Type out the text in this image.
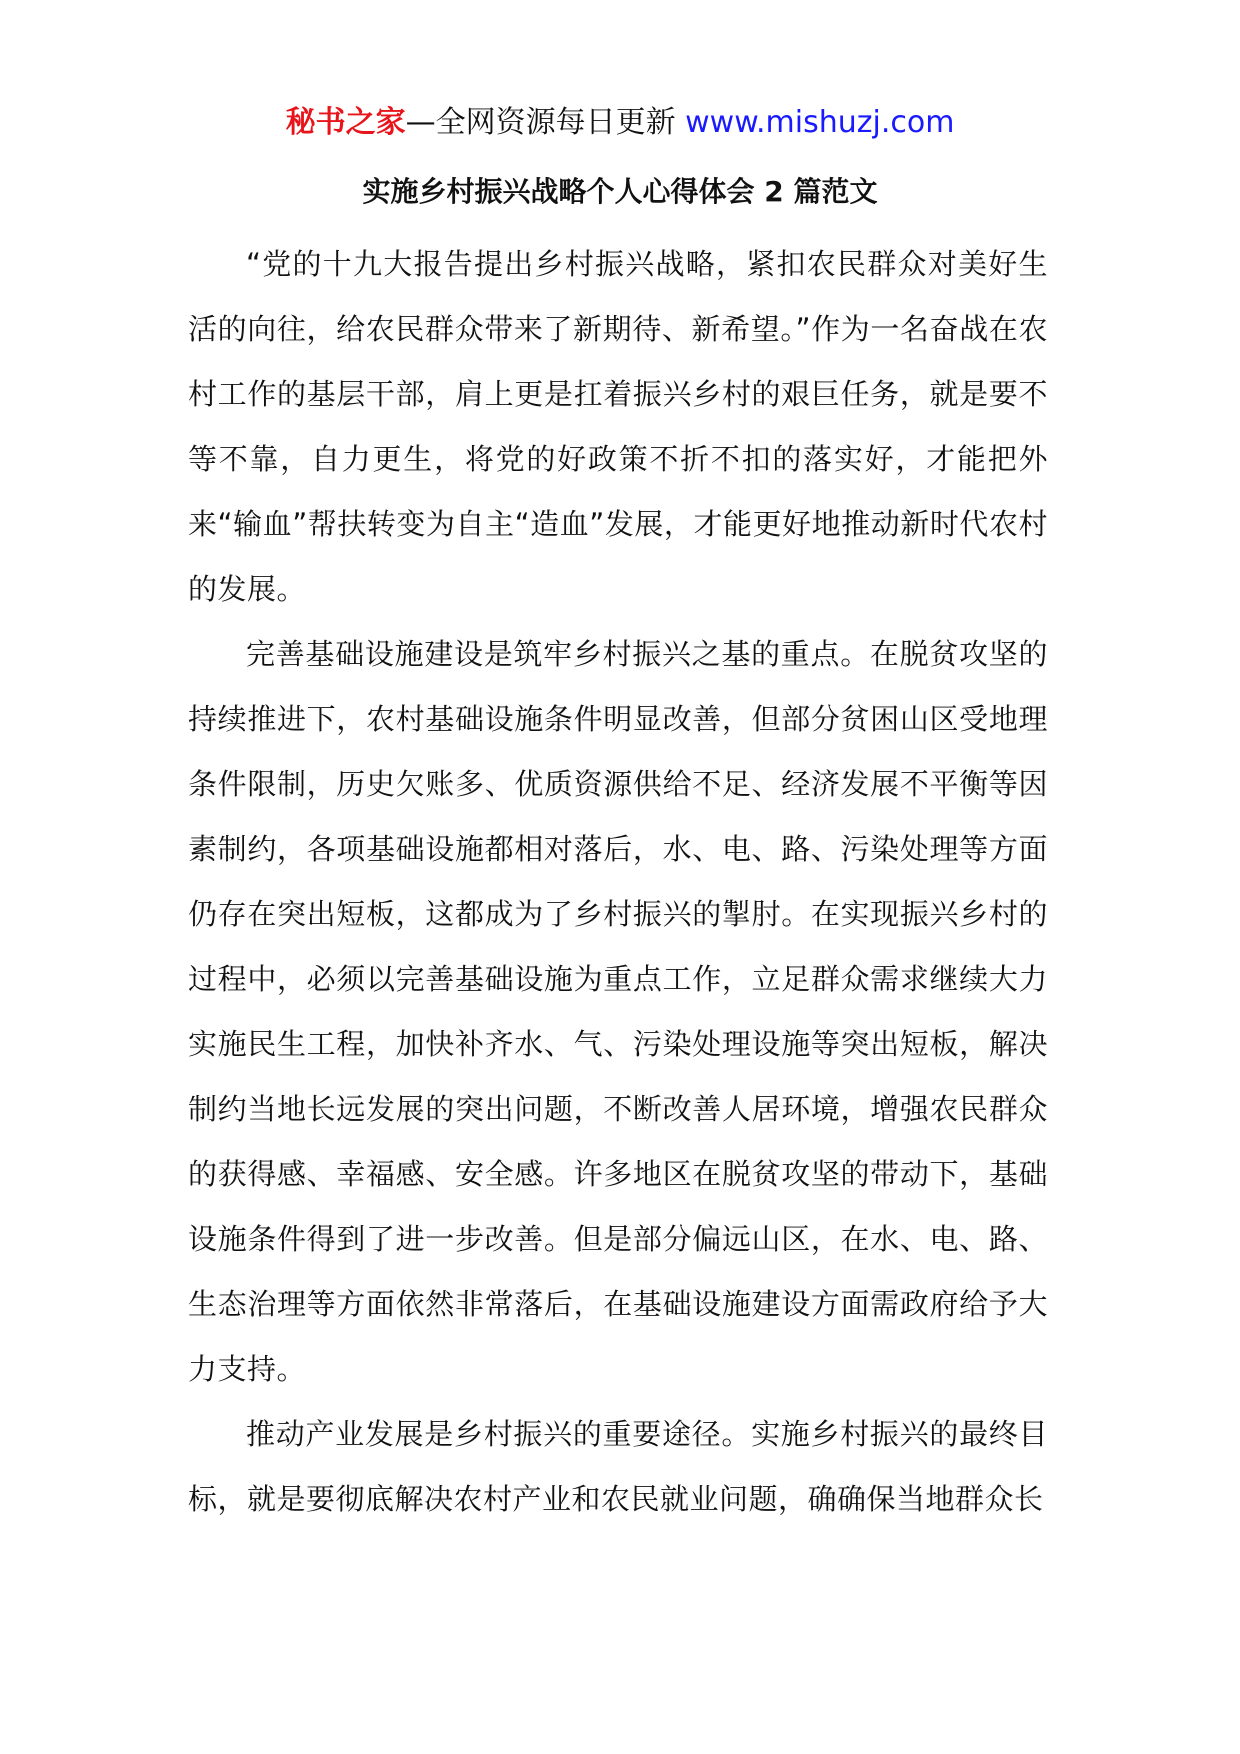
秘书之家—全网资源每日更新 www.mishuzj.com
实施乡村振兴战略个人心得体会 2 篇范文

“党的十九大报告提出乡村振兴战略，紧扣农民群众对美好生活的向往，给农民群众带来了新期待、新希望。”作为一名奋战在农村工作的基层干部，肩上更是扛着振兴乡村的艰巨任务，就是要不等不靠，自力更生，将党的好政策不折不扣的落实好，才能把外来“输血”帮扶转变为自主“造血”发展，才能更好地推动新时代农村的发展。

完善基础设施建设是筑牢乡村振兴之基的重点。在脱贫攻坚的持续推进下，农村基础设施条件明显改善，但部分贫困山区受地理条件限制，历史欠账多、优质资源供给不足、经济发展不平衡等因素制约，各项基础设施都相对落后，水、电、路、污染处理等方面仍存在突出短板，这都成为了乡村振兴的掣肘。在实现振兴乡村的过程中，必须以完善基础设施为重点工作，立足群众需求继续大力实施民生工程，加快补齐水、气、污染处理设施等突出短板，解决制约当地长远发展的突出问题，不断改善人居环境，增强农民群众的获得感、幸福感、安全感。许多地区在脱贫攻坚的带动下，基础设施条件得到了进一步改善。但是部分偏远山区，在水、电、路、生态治理等方面依然非常落后，在基础设施建设方面需政府给予大力支持。

推动产业发展是乡村振兴的重要途径。实施乡村振兴的最终目标，就是要彻底解决农村产业和农民就业问题，确确保当地群众长
